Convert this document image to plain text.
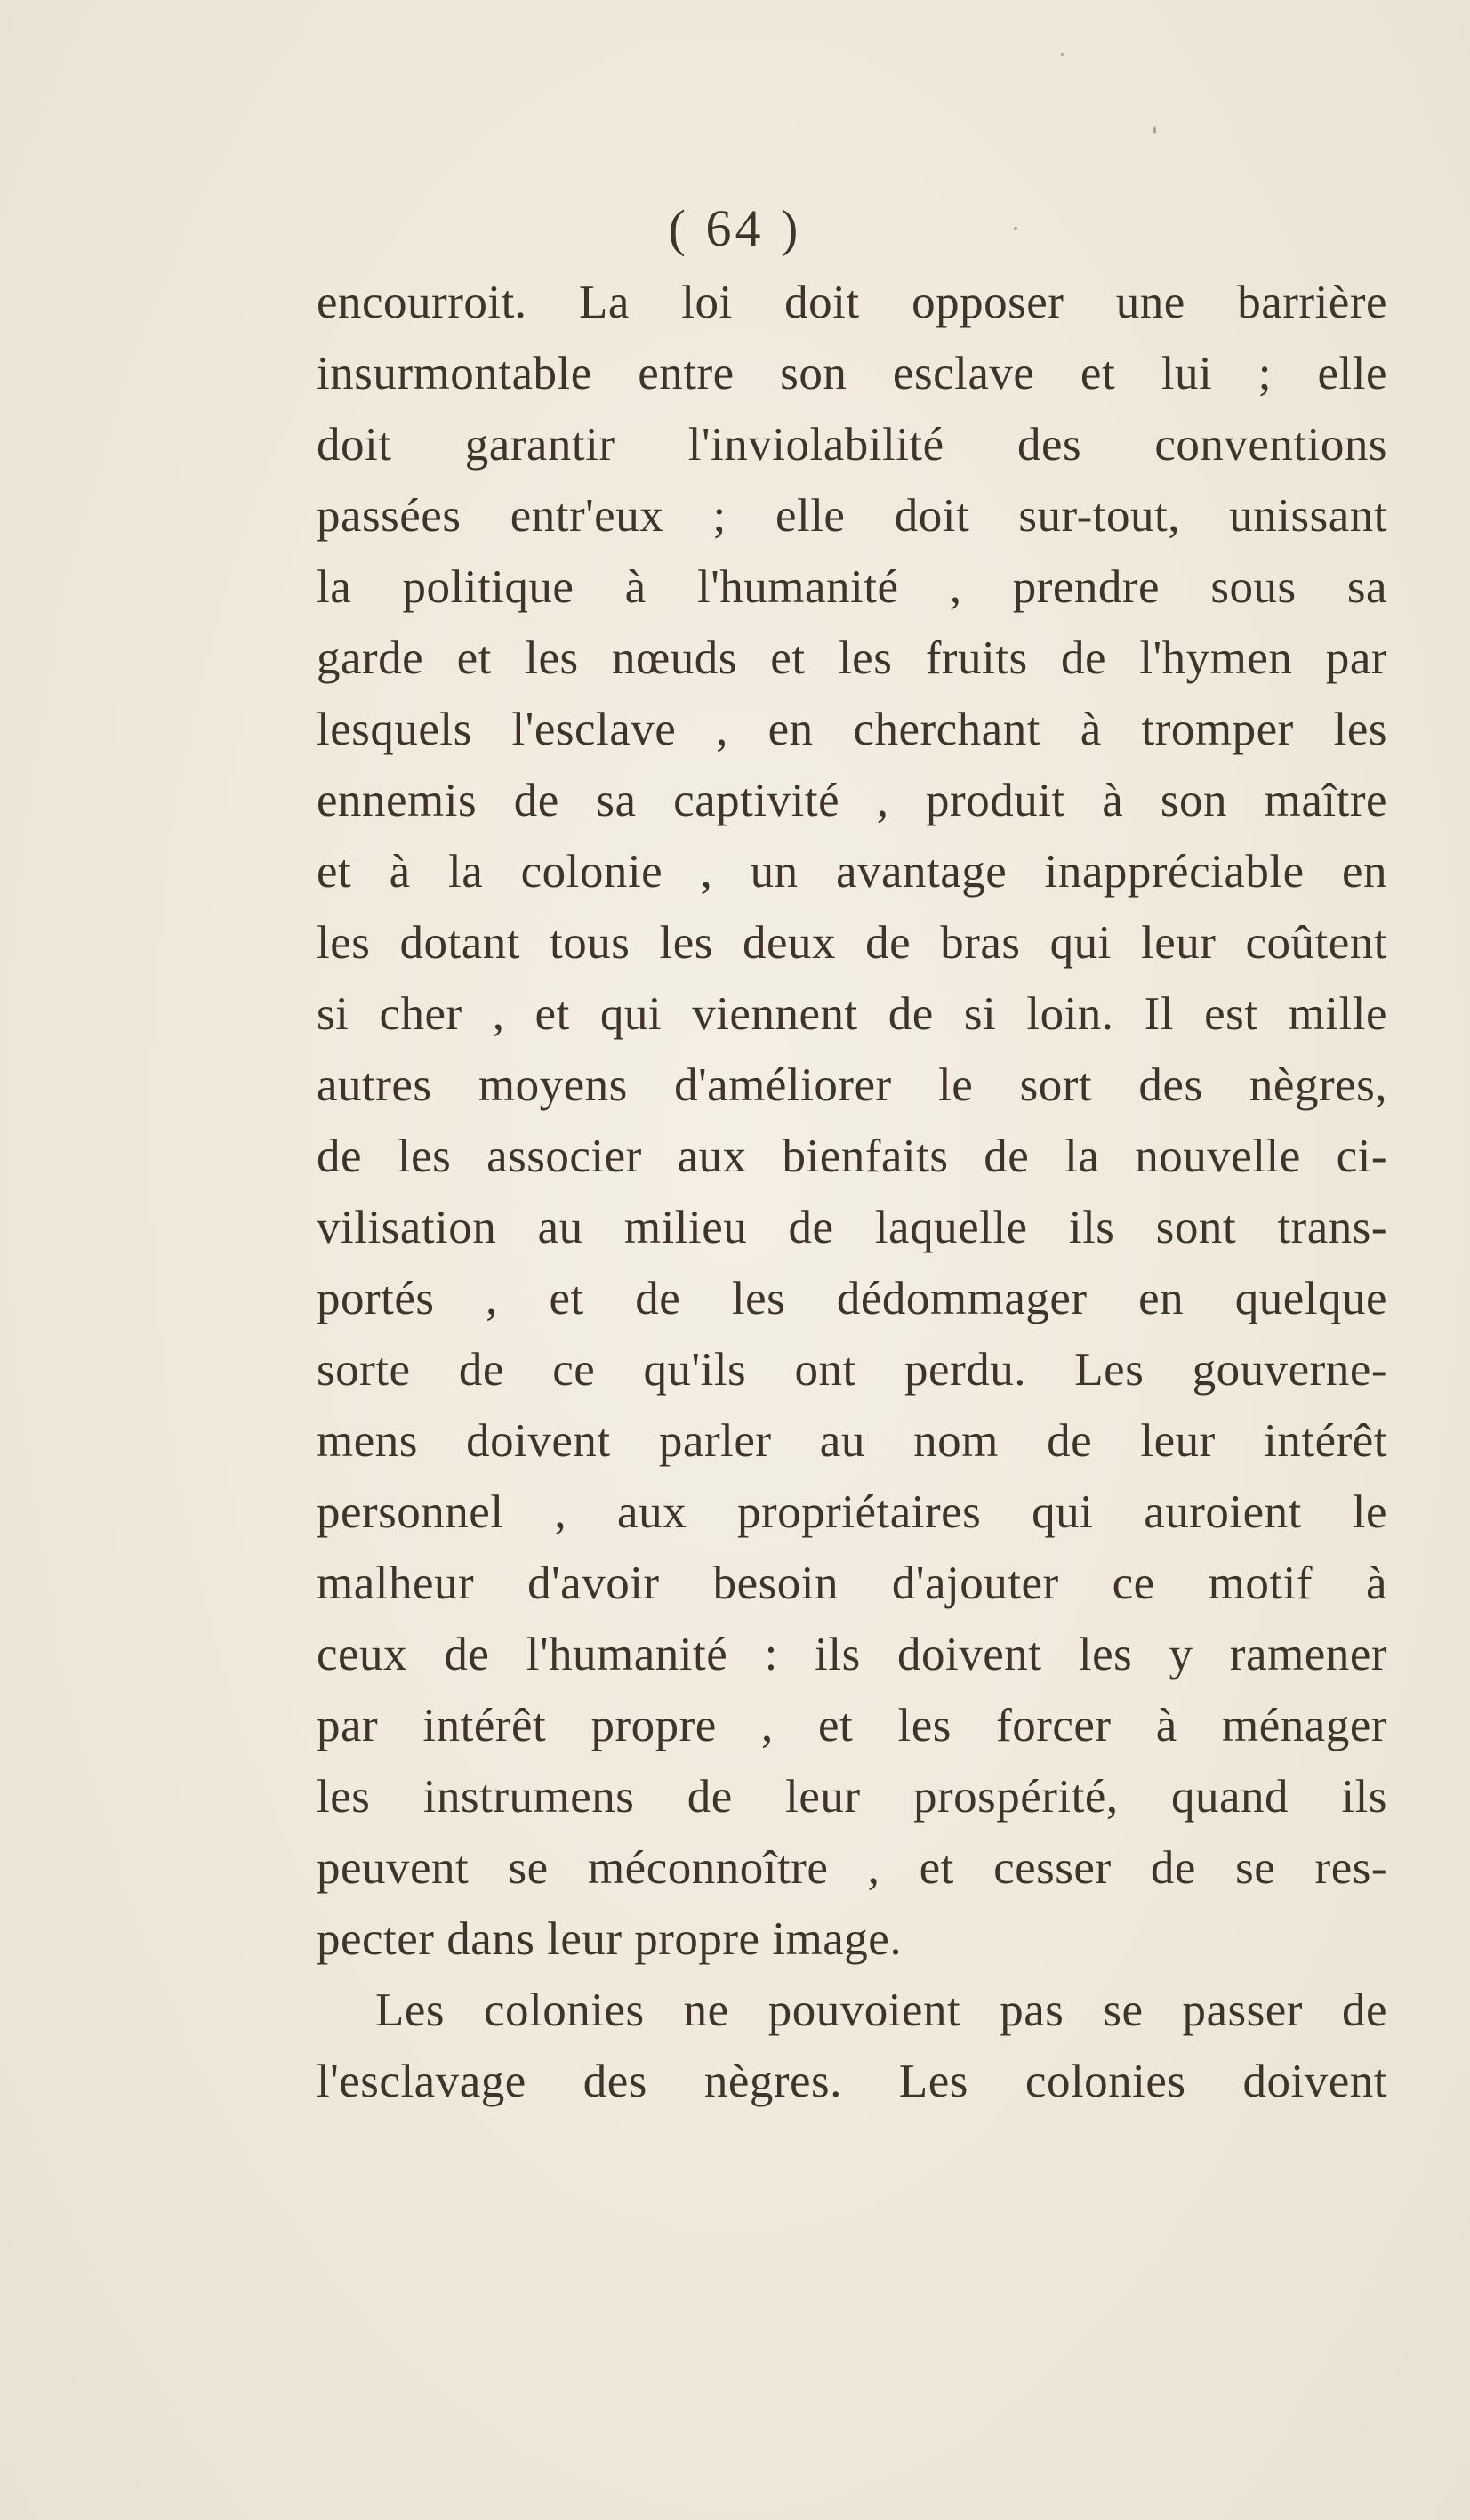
( 64 )
encourroit. La loi doit opposer une barrière
insurmontable entre son esclave et lui ; elle
doit garantir l'inviolabilité des conventions
passées entr'eux ; elle doit sur-tout, unissant
la politique à l'humanité , prendre sous sa
garde et les nœuds et les fruits de l'hymen par
lesquels l'esclave , en cherchant à tromper les
ennemis de sa captivité , produit à son maître
et à la colonie , un avantage inappréciable en
les dotant tous les deux de bras qui leur coûtent
si cher , et qui viennent de si loin. Il est mille
autres moyens d'améliorer le sort des nègres,
de les associer aux bienfaits de la nouvelle ci-
vilisation au milieu de laquelle ils sont trans-
portés , et de les dédommager en quelque
sorte de ce qu'ils ont perdu. Les gouverne-
mens doivent parler au nom de leur intérêt
personnel , aux propriétaires qui auroient le
malheur d'avoir besoin d'ajouter ce motif à
ceux de l'humanité : ils doivent les y ramener
par intérêt propre , et les forcer à ménager
les instrumens de leur prospérité, quand ils
peuvent se méconnoître , et cesser de se res-
pecter dans leur propre image.
Les colonies ne pouvoient pas se passer de
l'esclavage des nègres. Les colonies doivent
